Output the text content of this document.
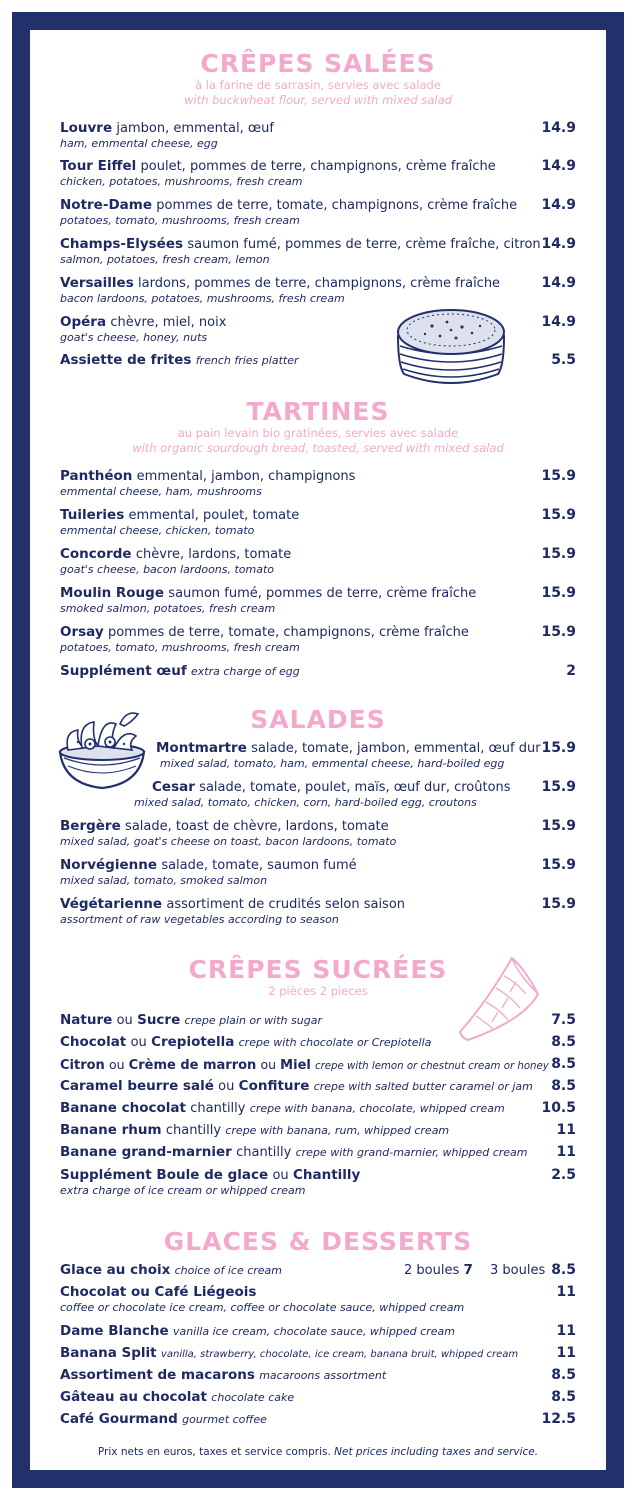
CRÊPES SALÉES
à la farine de sarrasin, servies avec salade
with buckwheat flour, served with mixed salad
Louvre jambon, emmental, œuf	14.9
ham, emmental cheese, egg
Tour Eiffel poulet, pommes de terre, champignons, crème fraîche	14.9
chicken, potatoes, mushrooms, fresh cream
Notre-Dame pommes de terre, tomate, champignons, crème fraîche 14.9
potatoes, tomato, mushrooms, fresh cream
Champs-Elysées saumon fumé, pommes de terre, crème fraîche, citron 14.9
salmon, potatoes, fresh cream, lemon
Versailles lardons, pommes de terre, champignons, crème fraîche	14.9
bacon lardoons, potatoes, mushrooms, fresh cream
Opéra chèvre, miel, noix	14.9
goat's cheese, honey, nuts
Assiette de frites french fries platter	5.5
TARTINES
au pain levain bio gratinées, servies avec salade
with organic sourdough bread, toasted, served with mixed salad
Panthéon emmental, jambon, champignons	15.9
emmental cheese, ham, mushrooms
Tuileries emmental, poulet, tomate	15.9
emmental cheese, chicken, tomato
Concorde chèvre, lardons, tomate	15.9
goat's cheese, bacon lardoons, tomato
Moulin Rouge saumon fumé, pommes de terre, crème fraîche	15.9
smoked salmon, potatoes, fresh cream
Orsay pommes de terre, tomate, champignons, crème fraîche	15.9
potatoes, tomato, mushrooms, fresh cream
Supplément œuf extra charge of egg	2
SALADES
Montmartre salade, tomate, jambon, emmental, œuf dur 15.9
mixed salad, tomato, ham, emmental cheese, hard-boiled egg
Cesar salade, tomate, poulet, maïs, œuf dur, croûtons 15.9
mixed salad, tomato, chicken, corn, hard-boiled egg, croutons
Bergère salade, toast de chèvre, lardons, tomate	15.9
mixed salad, goat's cheese on toast, bacon lardoons, tomato
Norvégienne salade, tomate, saumon fumé	15.9
mixed salad, tomato, smoked salmon
Végétarienne assortiment de crudités selon saison	15.9
assortment of raw vegetables according to season
CRÊPES SUCRÉES
2 pièces 2 pieces
Nature ou Sucre crepe plain or with sugar	7.5
Chocolat ou Crepiotella crepe with chocolate or Crepiotella	8.5
Citron ou Crème de marron ou Miel crepe with lemon or chestnut cream or honey 8.5
Caramel beurre salé ou Confiture crepe with salted butter caramel or jam 8.5
Banane chocolat chantilly crepe with banana, chocolate, whipped cream	10.5
Banane rhum chantilly crepe with banana, rum, whipped cream	11
Banane grand-marnier chantilly crepe with grand-marnier, whipped cream 11
Supplément Boule de glace ou Chantilly	2.5
extra charge of ice cream or whipped cream
GLACES & DESSERTS
Glace au choix choice of ice cream	2 boules 7 3 boules 8.5
Chocolat ou Café Liégeois	11
coffee or chocolate ice cream, coffee or chocolate sauce, whipped cream
Dame Blanche vanilla ice cream, chocolate sauce, whipped cream	11
Banana Split vanilla, strawberry, chocolate, ice cream, banana bruit, whipped cream	11
Assortiment de macarons macaroons assortment	8.5
Gâteau au chocolat chocolate cake	8.5
Café Gourmand gourmet coffee	12.5
Prix nets en euros, taxes et service compris. Net prices including taxes and service.
